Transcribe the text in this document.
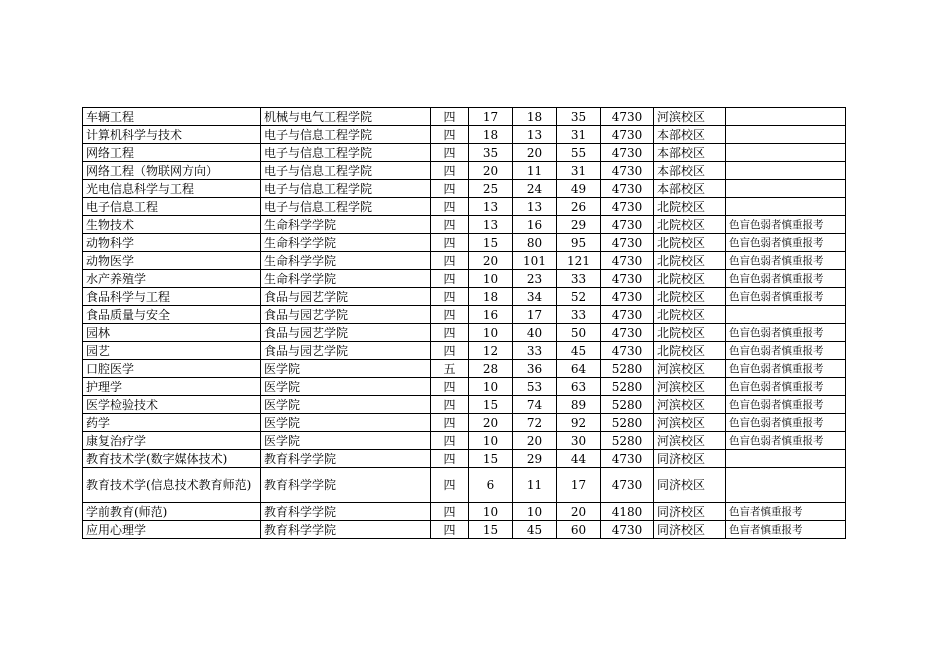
车辆工程	机械与电气工程学院	四	17	18	35	4730	河滨校区	
计算机科学与技术	电子与信息工程学院	四	18	13	31	4730	本部校区	
网络工程	电子与信息工程学院	四	35	20	55	4730	本部校区	
网络工程（物联网方向）	电子与信息工程学院	四	20	11	31	4730	本部校区	
光电信息科学与工程	电子与信息工程学院	四	25	24	49	4730	本部校区	
电子信息工程	电子与信息工程学院	四	13	13	26	4730	北院校区	
生物技术	生命科学学院	四	13	16	29	4730	北院校区	色盲色弱者慎重报考
动物科学	生命科学学院	四	15	80	95	4730	北院校区	色盲色弱者慎重报考
动物医学	生命科学学院	四	20	101	121	4730	北院校区	色盲色弱者慎重报考
水产养殖学	生命科学学院	四	10	23	33	4730	北院校区	色盲色弱者慎重报考
食品科学与工程	食品与园艺学院	四	18	34	52	4730	北院校区	色盲色弱者慎重报考
食品质量与安全	食品与园艺学院	四	16	17	33	4730	北院校区	
园林	食品与园艺学院	四	10	40	50	4730	北院校区	色盲色弱者慎重报考
园艺	食品与园艺学院	四	12	33	45	4730	北院校区	色盲色弱者慎重报考
口腔医学	医学院	五	28	36	64	5280	河滨校区	色盲色弱者慎重报考
护理学	医学院	四	10	53	63	5280	河滨校区	色盲色弱者慎重报考
医学检验技术	医学院	四	15	74	89	5280	河滨校区	色盲色弱者慎重报考
药学	医学院	四	20	72	92	5280	河滨校区	色盲色弱者慎重报考
康复治疗学	医学院	四	10	20	30	5280	河滨校区	色盲色弱者慎重报考
教育技术学(数字媒体技术)	教育科学学院	四	15	29	44	4730	同济校区	
教育技术学(信息技术教育师范)	教育科学学院	四	6	11	17	4730	同济校区	
学前教育(师范)	教育科学学院	四	10	10	20	4180	同济校区	色盲者慎重报考
应用心理学	教育科学学院	四	15	45	60	4730	同济校区	色盲者慎重报考
